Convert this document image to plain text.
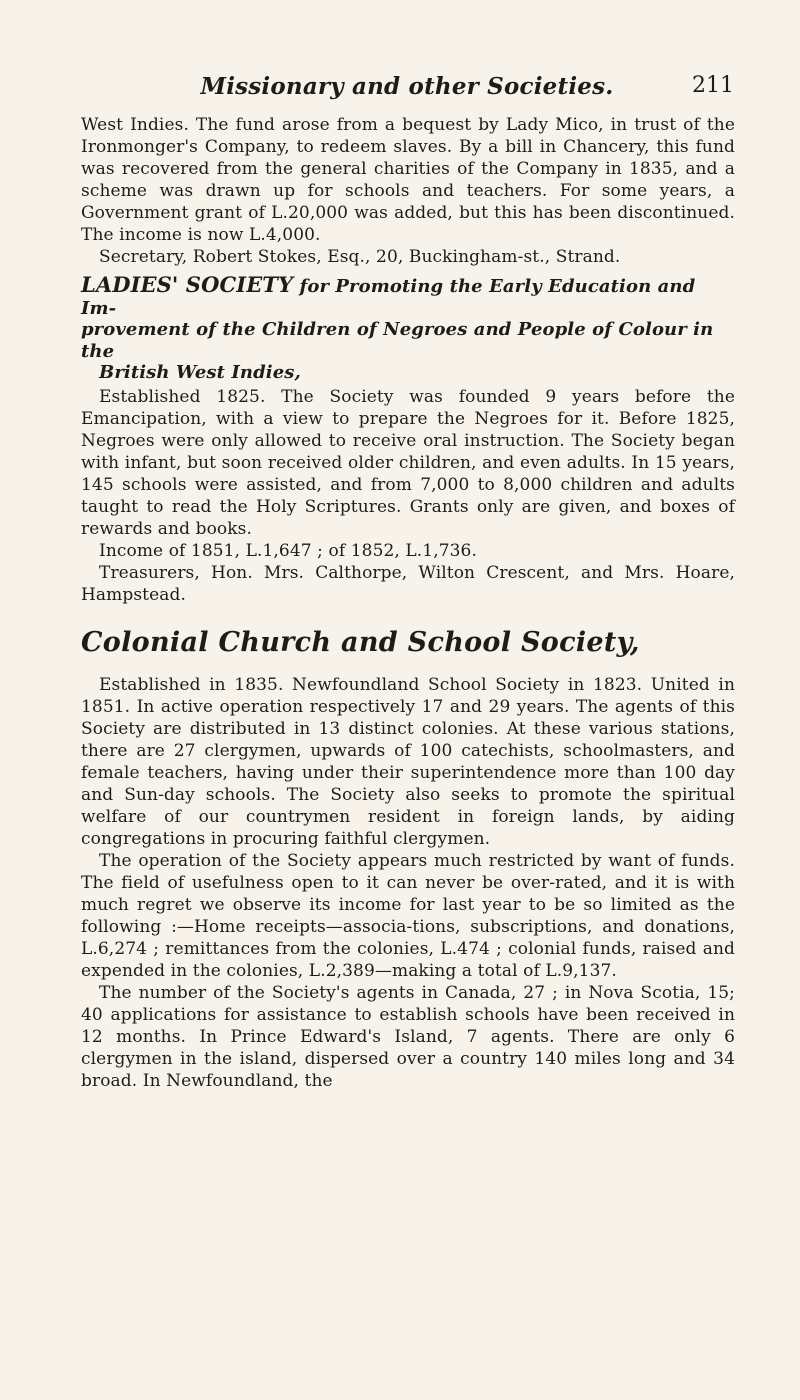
Missionary and other Societies.	211

West Indies. The fund arose from a bequest by Lady Mico, in trust of the Ironmonger's Company, to redeem slaves. By a bill in Chancery, this fund was recovered from the general charities of the Company in 1835, and a scheme was drawn up for schools and teachers. For some years, a Government grant of L.20,000 was added, but this has been discontinued. The income is now L.4,000.

Secretary, Robert Stokes, Esq., 20, Buckingham-st., Strand.

LADIES' SOCIETY for Promoting the Early Education and Im-
provement of the Children of Negroes and People of Colour in the
British West Indies,

Established 1825. The Society was founded 9 years before the Emancipation, with a view to prepare the Negroes for it. Before 1825, Negroes were only allowed to receive oral instruction. The Society began with infant, but soon received older children, and even adults. In 15 years, 145 schools were assisted, and from 7,000 to 8,000 children and adults taught to read the Holy Scriptures. Grants only are given, and boxes of rewards and books.

Income of 1851, L.1,647 ; of 1852, L.1,736.

Treasurers, Hon. Mrs. Calthorpe, Wilton Crescent, and Mrs. Hoare, Hampstead.

Colonial Church and School Society,

Established in 1835. Newfoundland School Society in 1823. United in 1851. In active operation respectively 17 and 29 years. The agents of this Society are distributed in 13 distinct colonies. At these various stations, there are 27 clergymen, upwards of 100 catechists, schoolmasters, and female teachers, having under their superintendence more than 100 day and Sun-day schools. The Society also seeks to promote the spiritual welfare of our countrymen resident in foreign lands, by aiding congregations in procuring faithful clergymen.

The operation of the Society appears much restricted by want of funds. The field of usefulness open to it can never be over-rated, and it is with much regret we observe its income for last year to be so limited as the following :—Home receipts—associa-tions, subscriptions, and donations, L.6,274 ; remittances from the colonies, L.474 ; colonial funds, raised and expended in the colonies, L.2,389—making a total of L.9,137.

The number of the Society's agents in Canada, 27 ; in Nova Scotia, 15; 40 applications for assistance to establish schools have been received in 12 months. In Prince Edward's Island, 7 agents. There are only 6 clergymen in the island, dispersed over a country 140 miles long and 34 broad. In Newfoundland, the
